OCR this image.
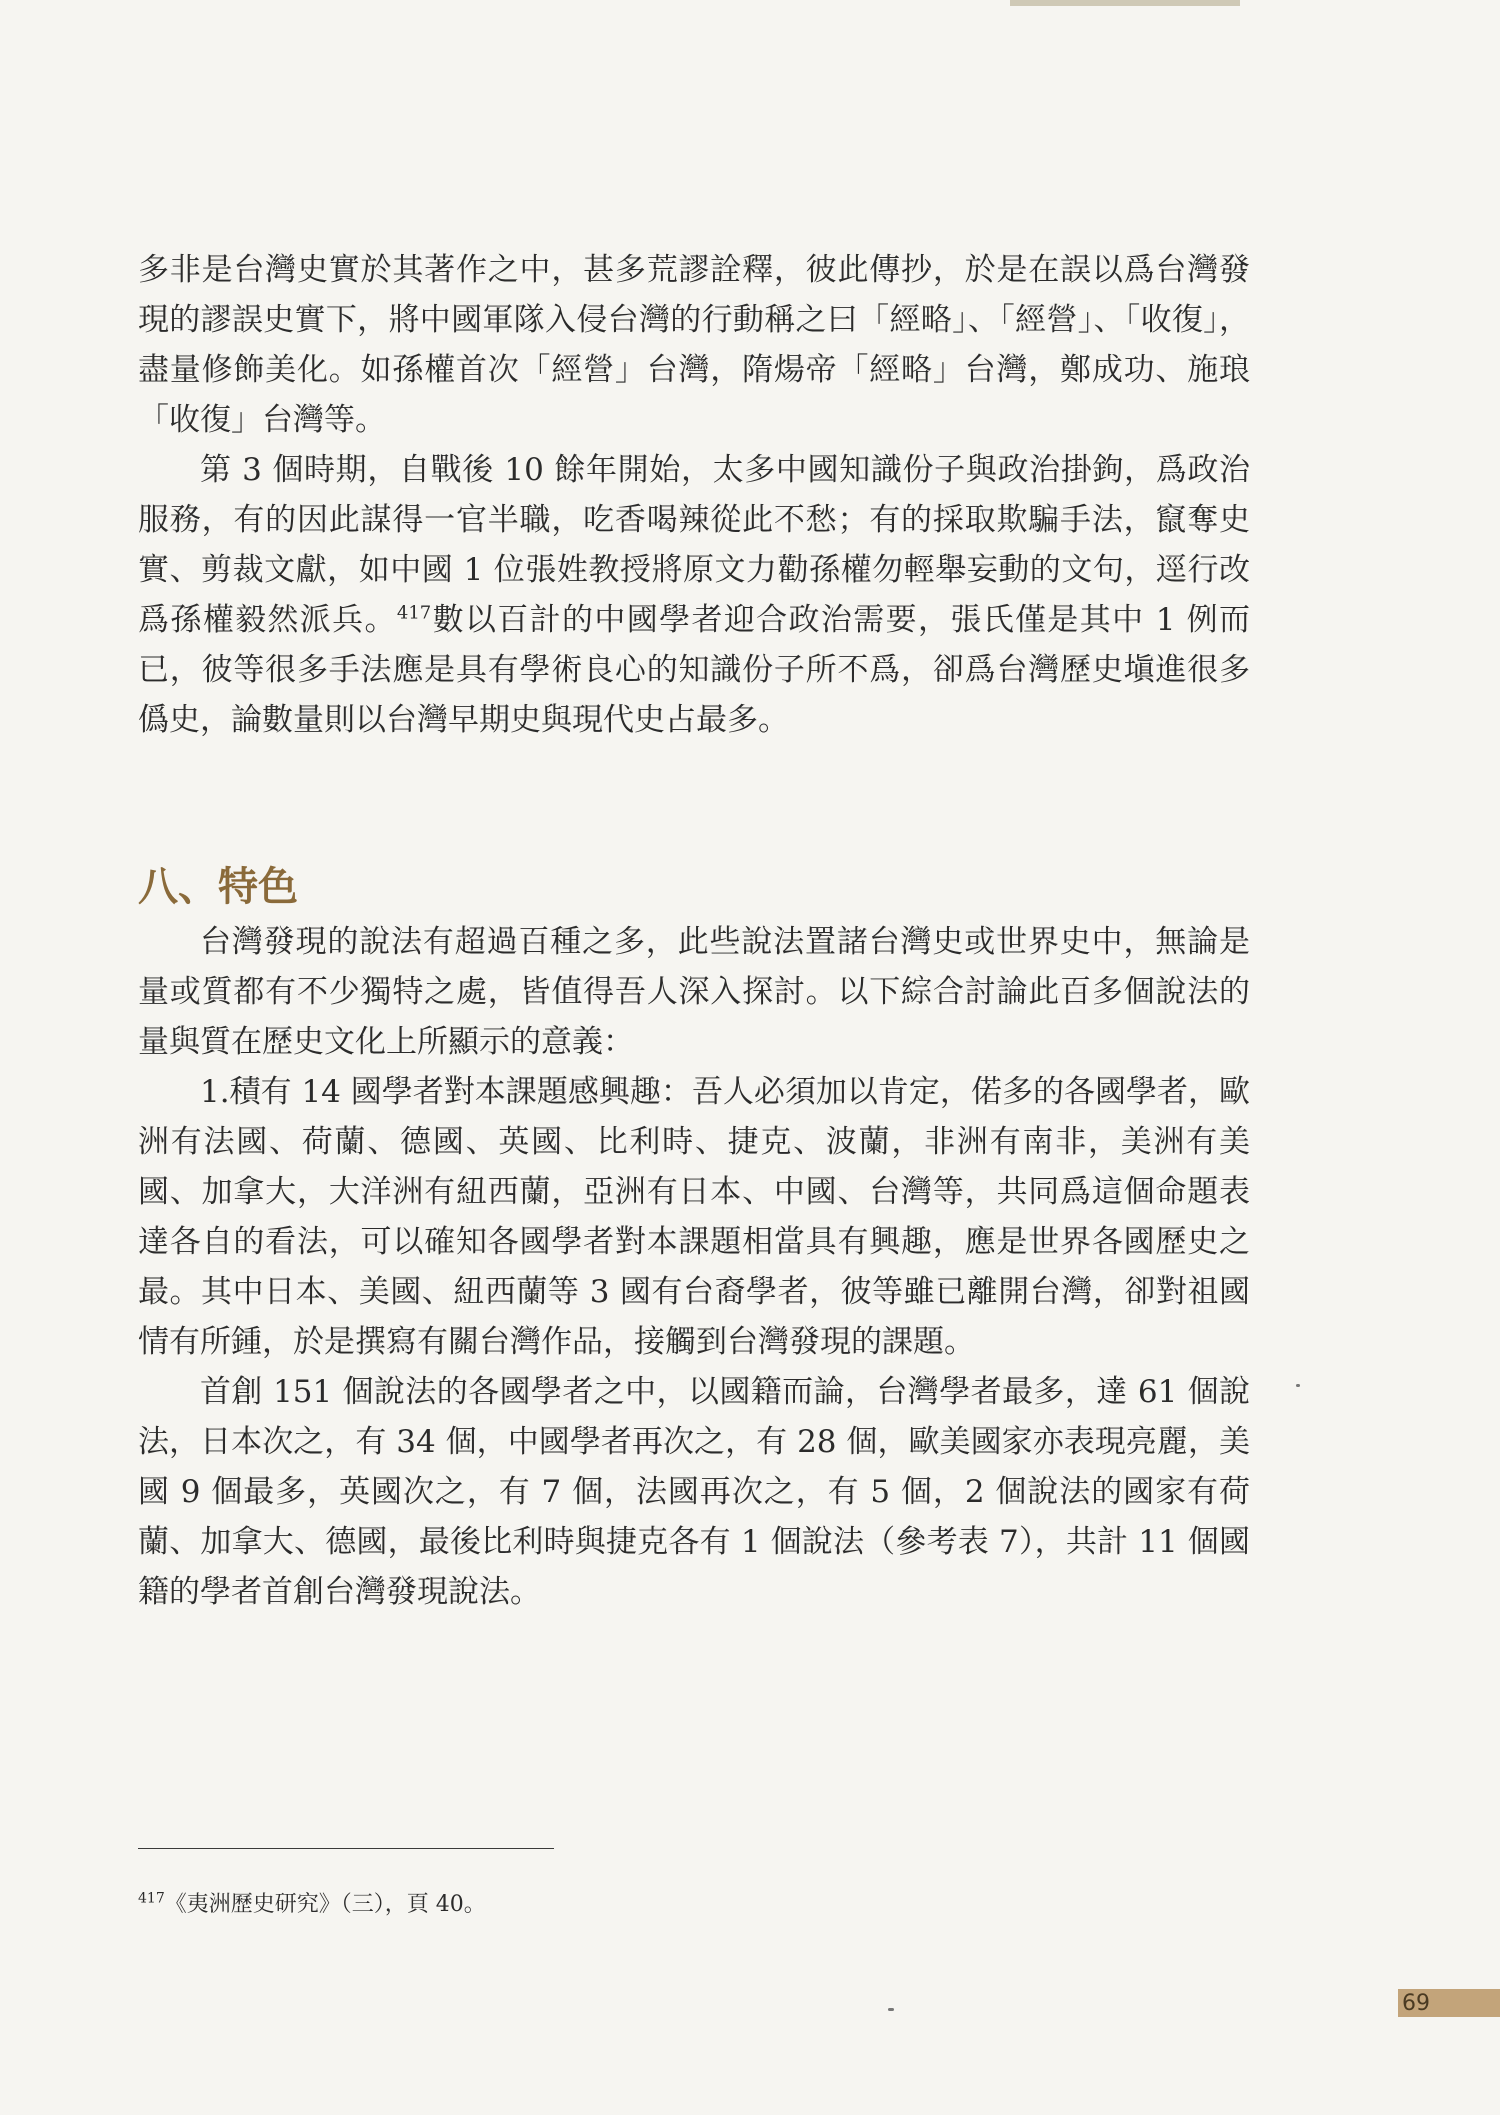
多非是台灣史實於其著作之中，甚多荒謬詮釋，彼此傳抄，於是在誤以爲台灣發現的謬誤史實下，將中國軍隊入侵台灣的行動稱之曰「經略」、「經營」、「收復」，盡量修飾美化。如孫權首次「經營」台灣，隋煬帝「經略」台灣，鄭成功、施琅「收復」台灣等。

第 3 個時期，自戰後 10 餘年開始，太多中國知識份子與政治掛鉤，爲政治服務，有的因此謀得一官半職，吃香喝辣從此不愁；有的採取欺騙手法，竄奪史實、剪裁文獻，如中國 1 位張姓教授將原文力勸孫權勿輕舉妄動的文句，逕行改爲孫權毅然派兵。$^{417}$數以百計的中國學者迎合政治需要，張氏僅是其中 1 例而已，彼等很多手法應是具有學術良心的知識份子所不爲，卻爲台灣歷史塡進很多僞史，論數量則以台灣早期史與現代史占最多。

八、特色

台灣發現的說法有超過百種之多，此些說法置諸台灣史或世界史中，無論是量或質都有不少獨特之處，皆值得吾人深入探討。以下綜合討論此百多個說法的量與質在歷史文化上所顯示的意義：

1.積有 14 國學者對本課題感興趣：吾人必須加以肯定，偌多的各國學者，歐洲有法國、荷蘭、德國、英國、比利時、捷克、波蘭，非洲有南非，美洲有美國、加拿大，大洋洲有紐西蘭，亞洲有日本、中國、台灣等，共同爲這個命題表達各自的看法，可以確知各國學者對本課題相當具有興趣，應是世界各國歷史之最。其中日本、美國、紐西蘭等 3 國有台裔學者，彼等雖已離開台灣，卻對祖國情有所鍾，於是撰寫有關台灣作品，接觸到台灣發現的課題。

首創 151 個說法的各國學者之中，以國籍而論，台灣學者最多，達 61 個說法，日本次之，有 34 個，中國學者再次之，有 28 個，歐美國家亦表現亮麗，美國 9 個最多，英國次之，有 7 個，法國再次之，有 5 個，2 個說法的國家有荷蘭、加拿大、德國，最後比利時與捷克各有 1 個說法（參考表 7），共計 11 個國籍的學者首創台灣發現說法。

$^{417}$《夷洲歷史研究》（三），頁 40。
69
